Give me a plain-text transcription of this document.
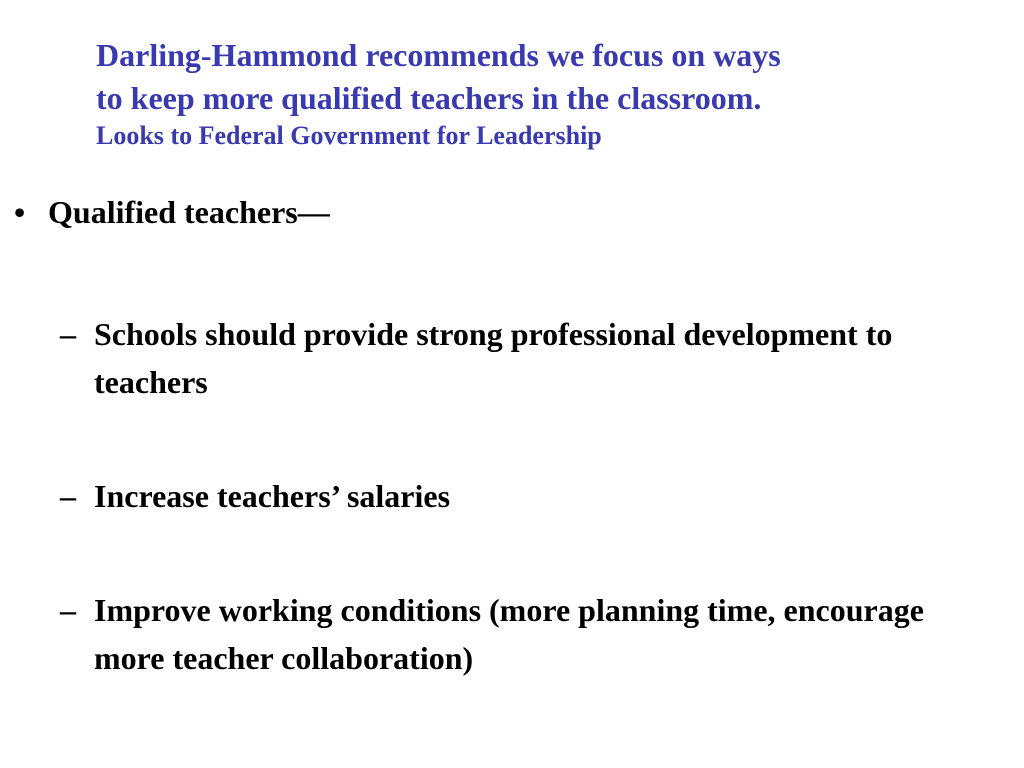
Darling-Hammond recommends we focus on ways
to keep more qualified teachers in the classroom.

Looks to Federal Government for Leadership

• Qualified teachers—
– Schools should provide strong professional development to teachers
– Increase teachers’ salaries
– Improve working conditions (more planning time, encourage more teacher collaboration)
